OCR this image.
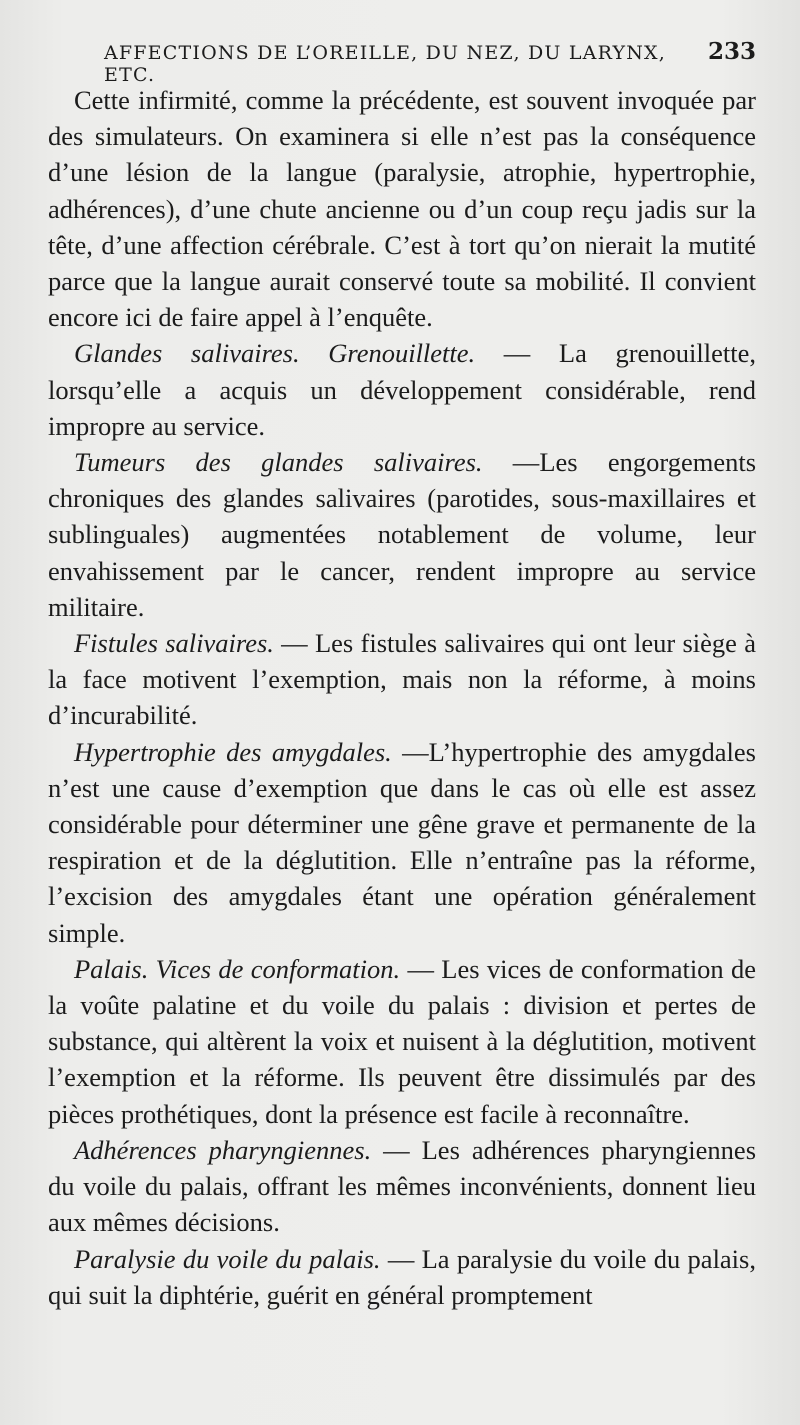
AFFECTIONS DE L’OREILLE, DU NEZ, DU LARYNX, ETC.
233

Cette infirmité, comme la précédente, est souvent invoquée par des simulateurs. On examinera si elle n’est pas la conséquence d’une lésion de la langue (paralysie, atrophie, hypertrophie, adhérences), d’une chute ancienne ou d’un coup reçu jadis sur la tête, d’une affection cérébrale. C’est à tort qu’on nierait la mutité parce que la langue aurait conservé toute sa mobilité. Il convient encore ici de faire appel à l’enquête.

Glandes salivaires. Grenouillette. — La grenouillette, lorsqu’elle a acquis un développement considérable, rend impropre au service.

Tumeurs des glandes salivaires. —Les engorgements chroniques des glandes salivaires (parotides, sous-maxillaires et sublinguales) augmentées notablement de volume, leur envahissement par le cancer, rendent impropre au service militaire.

Fistules salivaires. — Les fistules salivaires qui ont leur siège à la face motivent l’exemption, mais non la réforme, à moins d’incurabilité.

Hypertrophie des amygdales. —L’hypertrophie des amygdales n’est une cause d’exemption que dans le cas où elle est assez considérable pour déterminer une gêne grave et permanente de la respiration et de la déglutition. Elle n’entraîne pas la réforme, l’excision des amygdales étant une opération généralement simple.

Palais. Vices de conformation. — Les vices de conformation de la voûte palatine et du voile du palais : division et pertes de substance, qui altèrent la voix et nuisent à la déglutition, motivent l’exemption et la réforme. Ils peuvent être dissimulés par des pièces prothétiques, dont la présence est facile à reconnaître.

Adhérences pharyngiennes. — Les adhérences pharyngiennes du voile du palais, offrant les mêmes inconvénients, donnent lieu aux mêmes décisions.

Paralysie du voile du palais. — La paralysie du voile du palais, qui suit la diphtérie, guérit en général promptement
